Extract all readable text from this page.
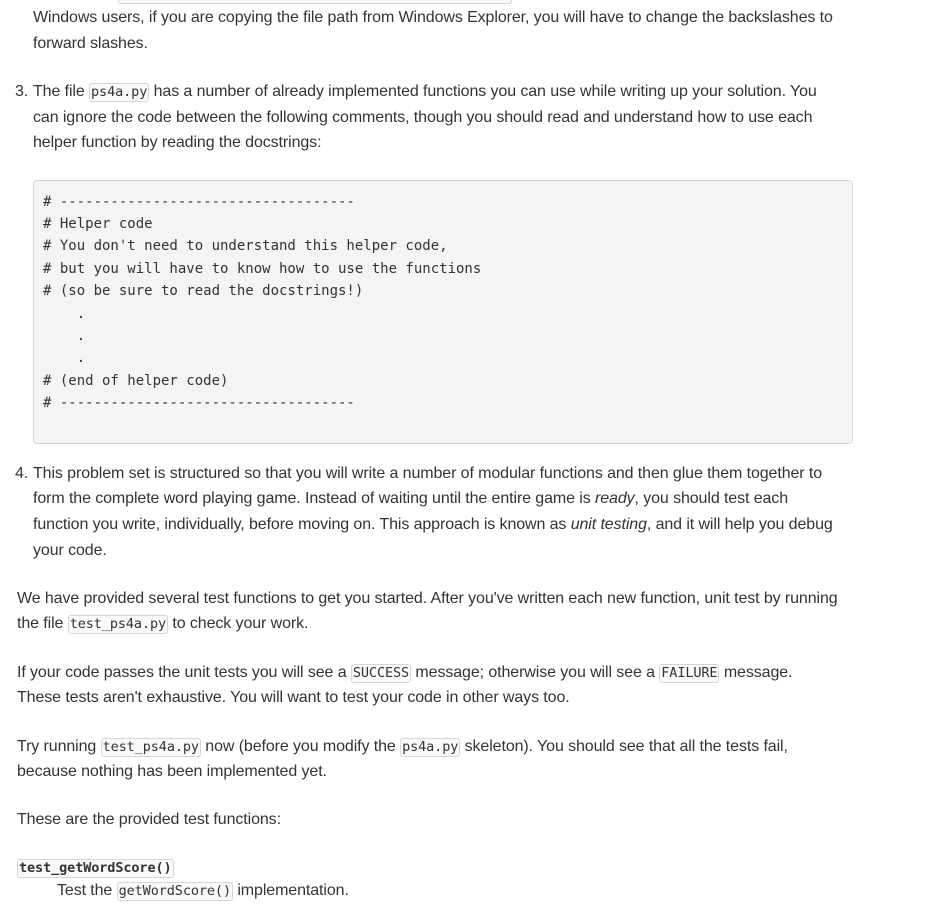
Windows users, if you are copying the file path from Windows Explorer, you will have to change the backslashes to
forward slashes.
3. The file ps4a.py has a number of already implemented functions you can use while writing up your solution. You
can ignore the code between the following comments, though you should read and understand how to use each
helper function by reading the docstrings:
# -----------------------------------
# Helper code
# You don't need to understand this helper code,
# but you will have to know how to use the functions
# (so be sure to read the docstrings!)
.
.
.
# (end of helper code)
# -----------------------------------
4. This problem set is structured so that you will write a number of modular functions and then glue them together to
form the complete word playing game. Instead of waiting until the entire game is ready, you should test each
function you write, individually, before moving on. This approach is known as unit testing, and it will help you debug
your code.
We have provided several test functions to get you started. After you've written each new function, unit test by running
the file test_ps4a.py to check your work.
If your code passes the unit tests you will see a SUCCESS message; otherwise you will see a FAILURE message.
These tests aren't exhaustive. You will want to test your code in other ways too.
Try running test_ps4a.py now (before you modify the ps4a.py skeleton). You should see that all the tests fail,
because nothing has been implemented yet.
These are the provided test functions:
test_getWordScore()
Test the getWordScore() implementation.
